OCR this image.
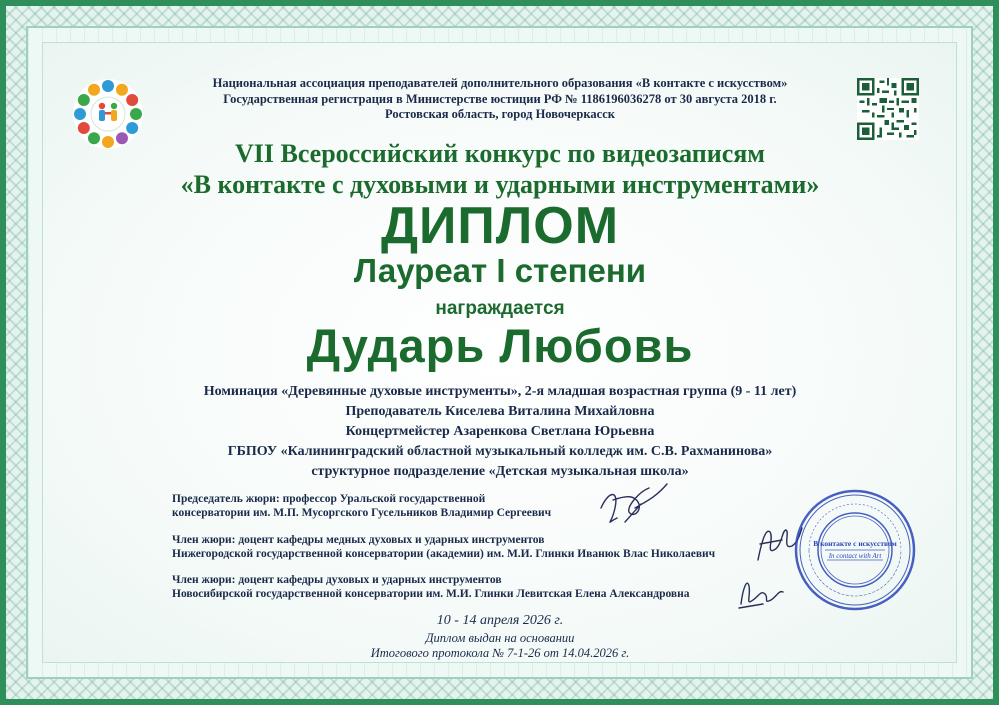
Национальная ассоциация преподавателей дополнительного образования «В контакте с искусством»
Государственная регистрация в Министерстве юстиции РФ № 1186196036278 от 30 августа 2018 г.
Ростовская область, город Новочеркасск
VII Всероссийский конкурс по видеозаписям
«В контакте с духовыми и ударными инструментами»
ДИПЛОМ
Лауреат I степени
награждается
Дударь Любовь
Номинация «Деревянные духовые инструменты», 2-я младшая возрастная группа (9 - 11 лет)
Преподаватель Киселева Виталина Михайловна
Концертмейстер Азаренкова Светлана Юрьевна
ГБПОУ «Калининградский областной музыкальный колледж им. С.В. Рахманинова»
структурное подразделение «Детская музыкальная школа»
Председатель жюри: профессор Уральской государственной
консерватории им. М.П. Мусоргского Гусельников Владимир Сергеевич
Член жюри: доцент кафедры медных духовых и ударных инструментов
Нижегородской государственной консерватории (академии) им. М.И. Глинки Иванюк Влас Николаевич
Член жюри: доцент кафедры духовых и ударных инструментов
Новосибирской государственной консерватории им. М.И. Глинки Левитская Елена Александровна
В контакте с искусством
In contact with Art
10 - 14 апреля 2026 г.
Диплом выдан на основании
Итогового протокола № 7-1-26 от 14.04.2026 г.
